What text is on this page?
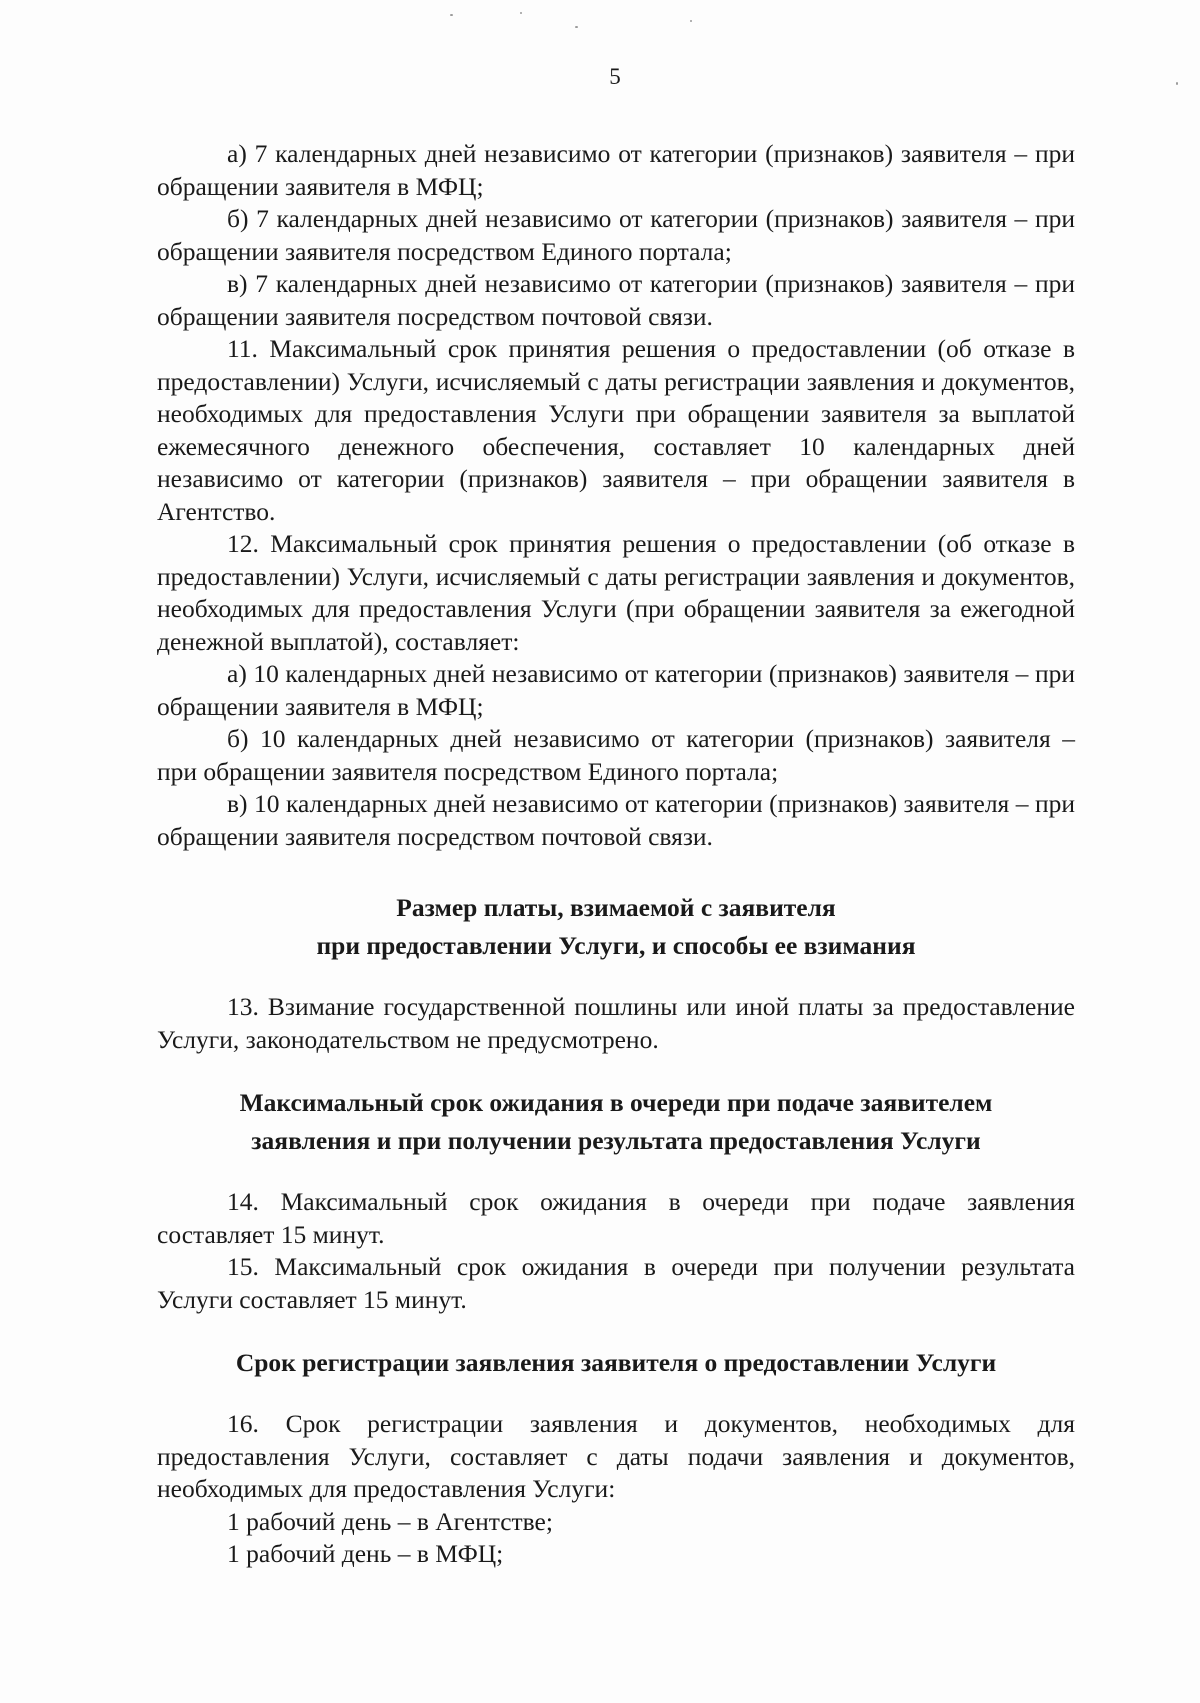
5

а) 7 календарных дней независимо от категории (признаков) заявителя – при обращении заявителя в МФЦ;

б) 7 календарных дней независимо от категории (признаков) заявителя – при обращении заявителя посредством Единого портала;

в) 7 календарных дней независимо от категории (признаков) заявителя – при обращении заявителя посредством почтовой связи.

11. Максимальный срок принятия решения о предоставлении (об отказе в предоставлении) Услуги, исчисляемый с даты регистрации заявления и документов, необходимых для предоставления Услуги при обращении заявителя за выплатой ежемесячного денежного обеспечения, составляет 10 календарных дней независимо от категории (признаков) заявителя – при обращении заявителя в Агентство.

12. Максимальный срок принятия решения о предоставлении (об отказе в предоставлении) Услуги, исчисляемый с даты регистрации заявления и документов, необходимых для предоставления Услуги (при обращении заявителя за ежегодной денежной выплатой), составляет:

а) 10 календарных дней независимо от категории (признаков) заявителя – при обращении заявителя в МФЦ;

б) 10 календарных дней независимо от категории (признаков) заявителя – при обращении заявителя посредством Единого портала;

в) 10 календарных дней независимо от категории (признаков) заявителя – при обращении заявителя посредством почтовой связи.

Размер платы, взимаемой с заявителя
при предоставлении Услуги, и способы ее взимания

13. Взимание государственной пошлины или иной платы за предоставление Услуги, законодательством не предусмотрено.

Максимальный срок ожидания в очереди при подаче заявителем
заявления и при получении результата предоставления Услуги

14. Максимальный срок ожидания в очереди при подаче заявления составляет 15 минут.

15. Максимальный срок ожидания в очереди при получении результата Услуги составляет 15 минут.

Срок регистрации заявления заявителя о предоставлении Услуги

16. Срок регистрации заявления и документов, необходимых для предоставления Услуги, составляет с даты подачи заявления и документов, необходимых для предоставления Услуги:

1 рабочий день – в Агентстве;

1 рабочий день – в МФЦ;
